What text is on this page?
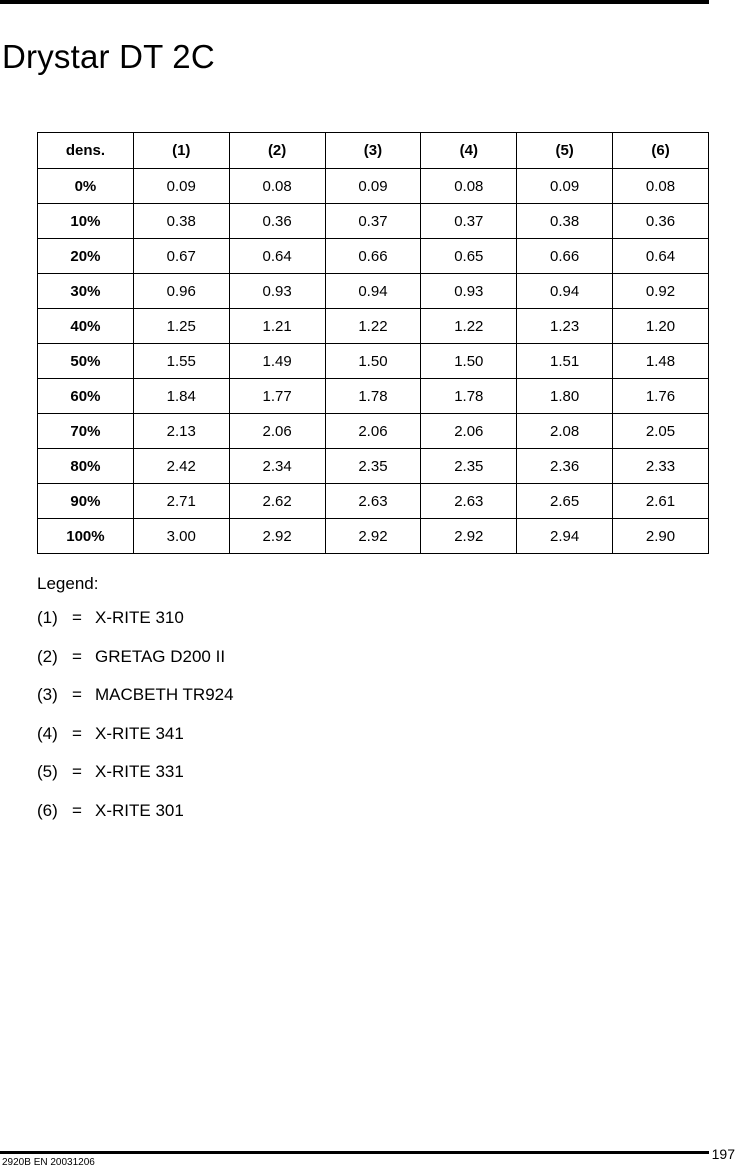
Drystar DT 2C
dens.	(1)	(2)	(3)	(4)	(5)	(6)
0%	0.09	0.08	0.09	0.08	0.09	0.08
10%	0.38	0.36	0.37	0.37	0.38	0.36
20%	0.67	0.64	0.66	0.65	0.66	0.64
30%	0.96	0.93	0.94	0.93	0.94	0.92
40%	1.25	1.21	1.22	1.22	1.23	1.20
50%	1.55	1.49	1.50	1.50	1.51	1.48
60%	1.84	1.77	1.78	1.78	1.80	1.76
70%	2.13	2.06	2.06	2.06	2.08	2.05
80%	2.42	2.34	2.35	2.35	2.36	2.33
90%	2.71	2.62	2.63	2.63	2.65	2.61
100%	3.00	2.92	2.92	2.92	2.94	2.90

Legend:

(1) = X-RITE 310
(2) = GRETAG D200 II
(3) = MACBETH TR924
(4) = X-RITE 341
(5) = X-RITE 331
(6) = X-RITE 301
197
2920B EN 20031206
